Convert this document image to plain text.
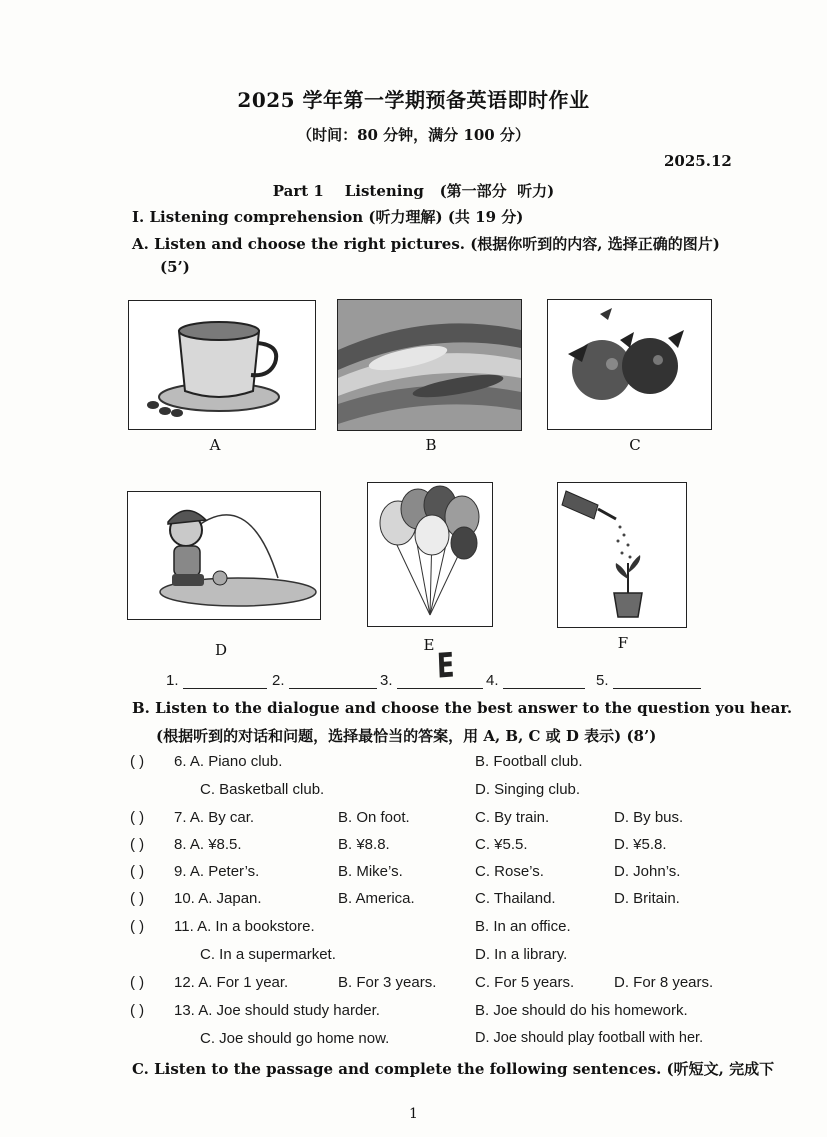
2025 学年第一学期预备英语即时作业
（时间：80 分钟，满分 100 分）
2025.12
Part 1    Listening   (第一部分  听力)
I. Listening comprehension (听力理解) (共 19 分)
A. Listen and choose the right pictures. (根据你听到的内容, 选择正确的图片)
(5’)
A	B	C
D	E	F
1.	2.	3.	E 4.	5.
B. Listen to the dialogue and choose the best answer to the question you hear.
(根据听到的对话和问题，选择最恰当的答案，用 A, B, C 或 D 表示) (8’)
( ) 6. A. Piano club.	B. Football club.
C. Basketball club.	D. Singing club.
( ) 7. A. By car.	B. On foot.	C. By train.	D. By bus.
( ) 8. A. ¥8.5.	B. ¥8.8.	C. ¥5.5.	D. ¥5.8.
( ) 9. A. Peter’s.	B. Mike’s.	C. Rose’s.	D. John’s.
( ) 10. A. Japan.	B. America.	C. Thailand.	D. Britain.
( ) 11. A. In a bookstore.	B. In an office.
C. In a supermarket.	D. In a library.
( ) 12. A. For 1 year.	B. For 3 years.	C. For 5 years.	D. For 8 years.
( ) 13. A. Joe should study harder.	B. Joe should do his homework.
C. Joe should go home now.	D. Joe should play football with her.
C. Listen to the passage and complete the following sentences. (听短文, 完成下
1
